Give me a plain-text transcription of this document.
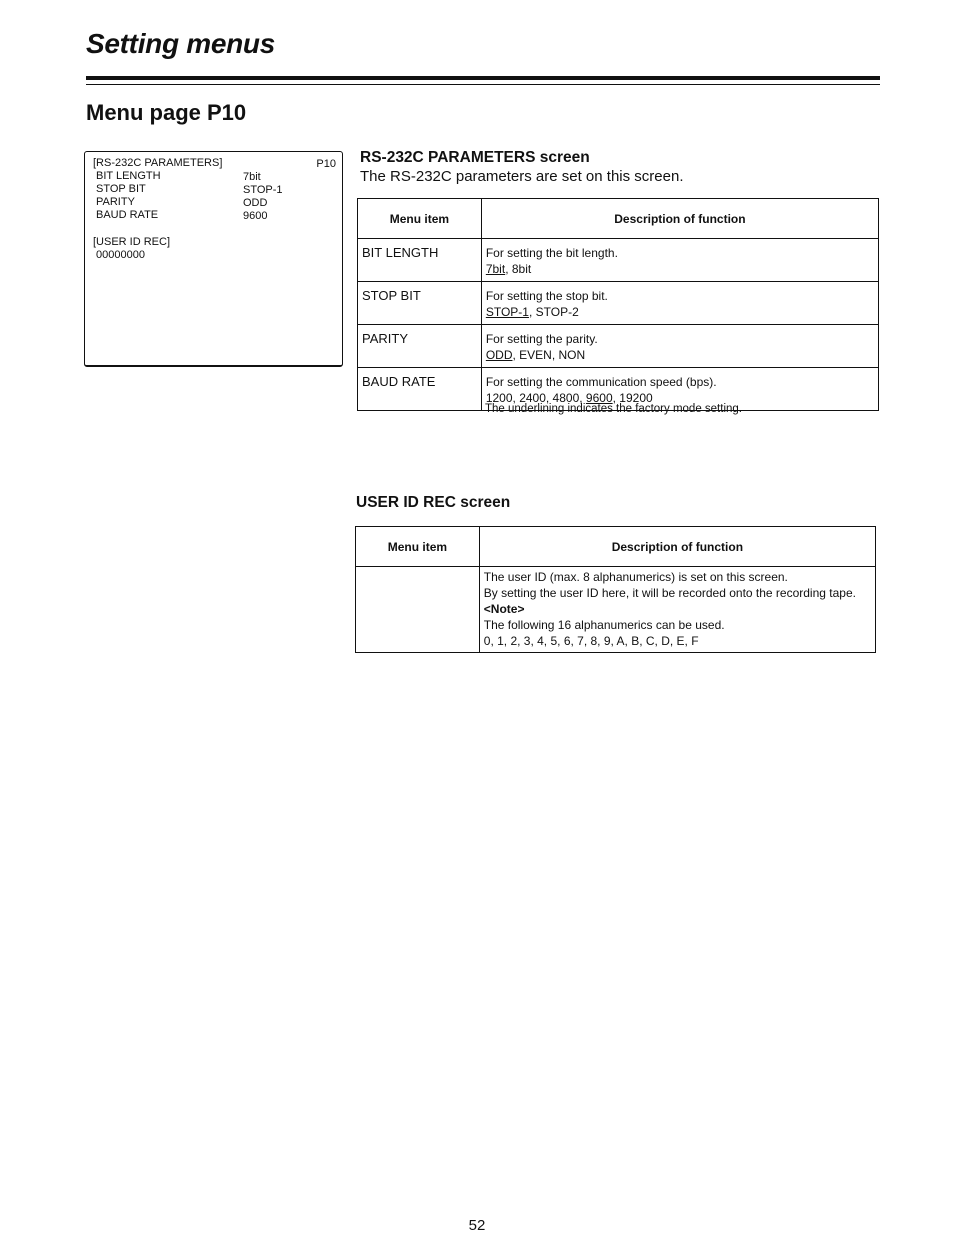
Setting menus
Menu page P10
[RS-232C PARAMETERS]	P10
BIT LENGTH	7bit
STOP BIT	STOP-1
PARITY	ODD
BAUD RATE	9600
[USER ID REC]
00000000
RS-232C PARAMETERS screen
The RS-232C parameters are set on this screen.
Menu item	Description of function
BIT LENGTH	For setting the bit length.
7bit, 8bit

STOP BIT	For setting the stop bit.
STOP-1, STOP-2

PARITY	For setting the parity.
ODD, EVEN, NON

BAUD RATE	For setting the communication speed (bps).
1200, 2400, 4800, 9600, 19200
The underlining indicates the factory mode setting.
USER ID REC screen
Menu item	Description of function

	The user ID (max. 8 alphanumerics) is set on this screen.
By setting the user ID here, it will be recorded onto the recording tape.
<Note>
The following 16 alphanumerics can be used.
0, 1, 2, 3, 4, 5, 6, 7, 8, 9, A, B, C, D, E, F
52
